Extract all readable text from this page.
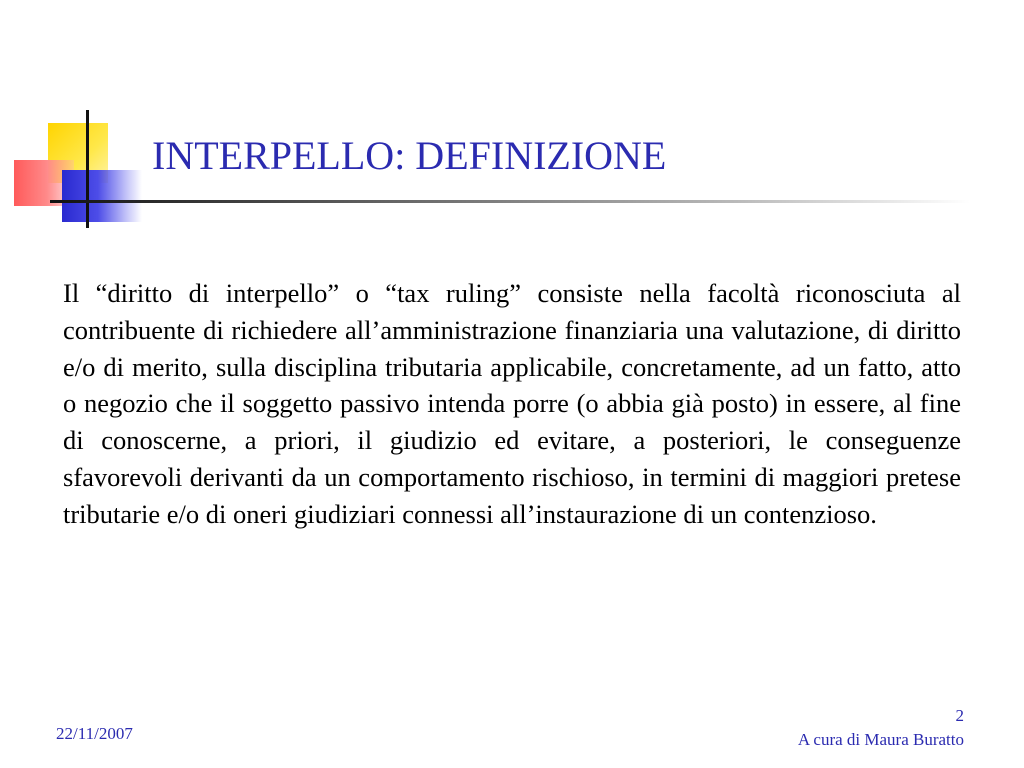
INTERPELLO: DEFINIZIONE

Il “diritto di interpello” o “tax ruling” consiste nella facoltà riconosciuta al contribuente di richiedere all’amministrazione finanziaria una valutazione, di diritto e/o di merito, sulla disciplina tributaria applicabile, concretamente, ad un fatto, atto o negozio che il soggetto passivo intenda porre (o abbia già posto) in essere, al fine di conoscerne, a priori, il giudizio ed evitare, a posteriori, le conseguenze sfavorevoli derivanti da un comportamento rischioso, in termini di maggiori pretese tributarie e/o di oneri giudiziari connessi all’instaurazione di un contenzioso.

22/11/2007
2
A cura di Maura Buratto
